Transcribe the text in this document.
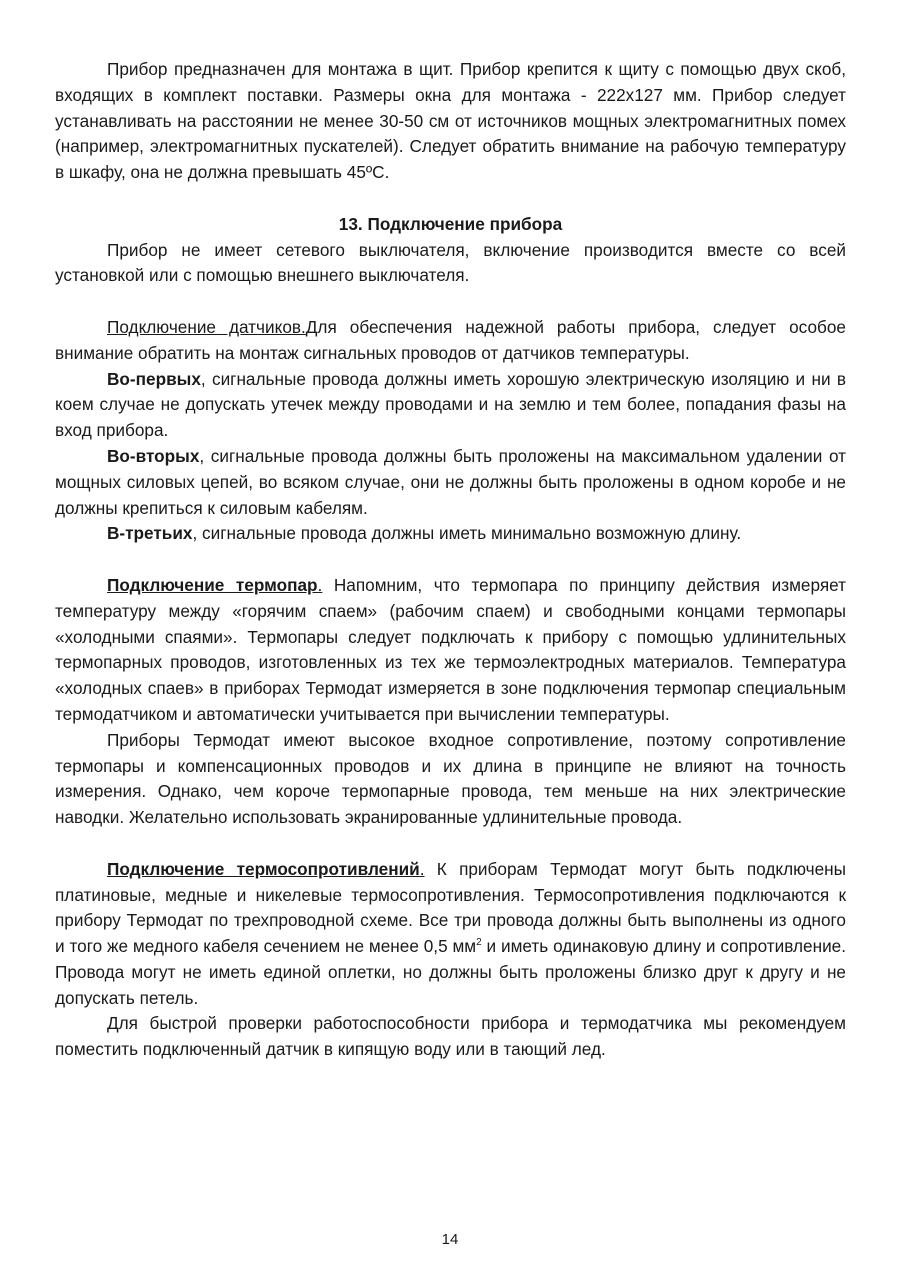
Прибор предназначен для монтажа в щит. Прибор крепится к щиту с помощью двух скоб, входящих в комплект поставки. Размеры окна для монтажа - 222х127 мм. Прибор следует устанавливать на расстоянии не менее 30-50 см от источников мощных электромагнитных помех (например, электромагнитных пускателей). Следует обратить внимание на рабочую температуру в шкафу, она не должна превышать 45ºС.

13. Подключение прибора

Прибор не имеет сетевого выключателя, включение производится вместе со всей установкой или с помощью внешнего выключателя.

Подключение датчиков.Для обеспечения надежной работы прибора, следует особое внимание обратить на монтаж сигнальных проводов от датчиков температуры.

Во-первых, сигнальные провода должны иметь хорошую электрическую изоляцию и ни в коем случае не допускать утечек между проводами и на землю и тем более, попадания фазы на вход прибора.

Во-вторых, сигнальные провода должны быть проложены на максимальном удалении от мощных силовых цепей, во всяком случае, они не должны быть проложены в одном коробе и не должны крепиться к силовым кабелям.

В-третьих, сигнальные провода должны иметь минимально возможную длину.

Подключение термопар. Напомним, что термопара по принципу действия измеряет температуру между «горячим спаем» (рабочим спаем) и свободными концами термопары «холодными спаями». Термопары следует подключать к прибору с помощью удлинительных термопарных проводов, изготовленных из тех же термоэлектродных материалов. Температура «холодных спаев» в приборах Термодат измеряется в зоне подключения термопар специальным термодатчиком и автоматически учитывается при вычислении температуры.

Приборы Термодат имеют высокое входное сопротивление, поэтому сопротивление термопары и компенсационных проводов и их длина в принципе не влияют на точность измерения. Однако, чем короче термопарные провода, тем меньше на них электрические наводки. Желательно использовать экранированные удлинительные провода.

Подключение термосопротивлений. К приборам Термодат могут быть подключены платиновые, медные и никелевые термосопротивления. Термосопротивления подключаются к прибору Термодат по трехпроводной схеме. Все три провода должны быть выполнены из одного и того же медного кабеля сечением не менее 0,5 $мм^2$ и иметь одинаковую длину и сопротивление. Провода могут не иметь единой оплетки, но должны быть проложены близко друг к другу и не допускать петель.

Для быстрой проверки работоспособности прибора и термодатчика мы рекомендуем поместить подключенный датчик в кипящую воду или в тающий лед.

14
